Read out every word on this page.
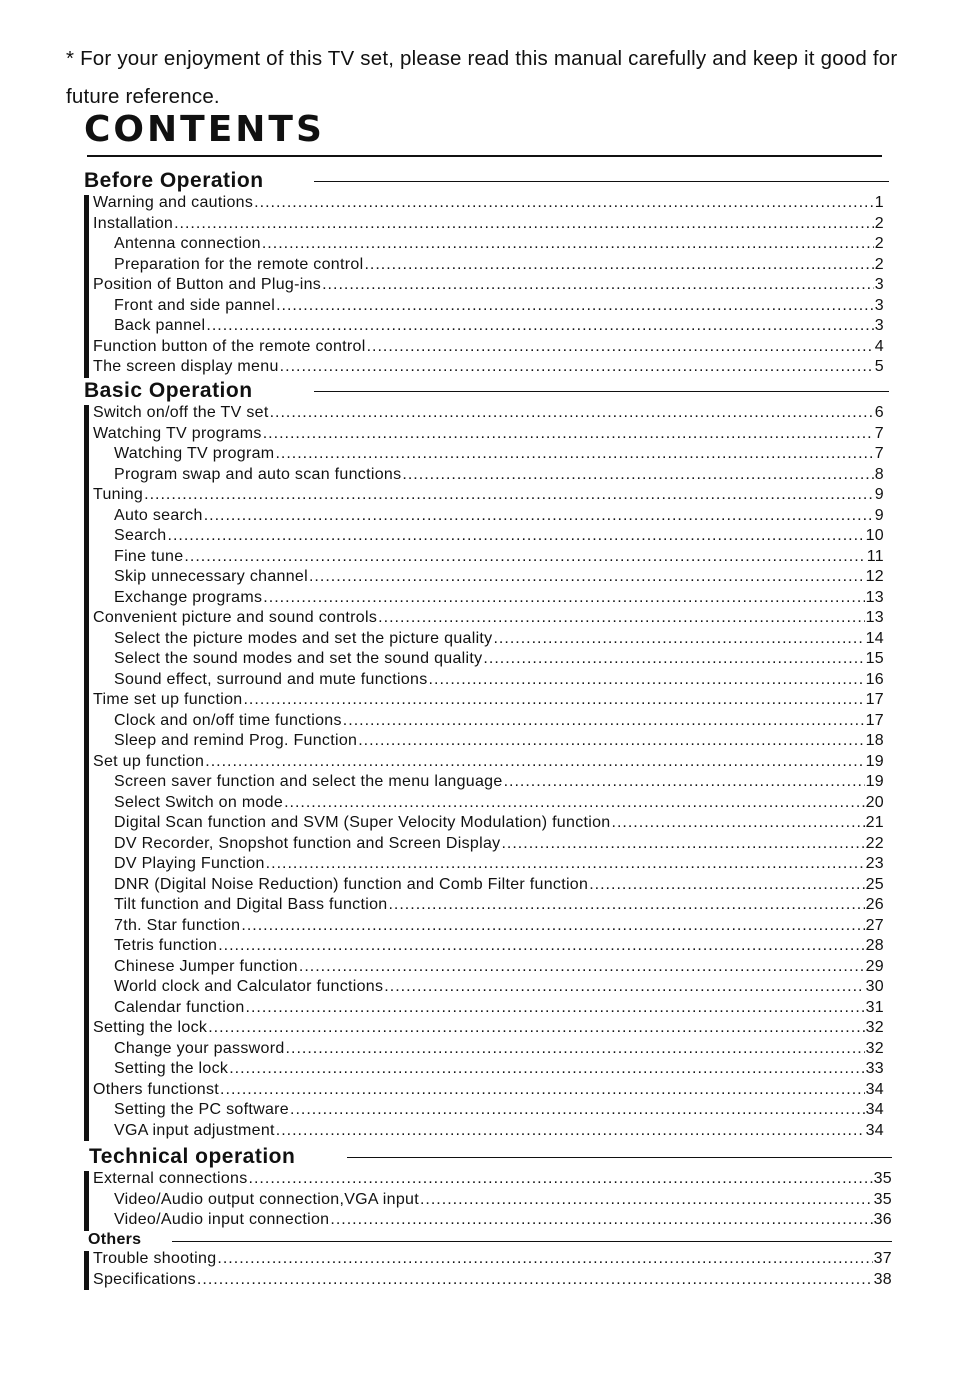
* For your enjoyment of this TV set, please read this manual carefully and keep it good for future reference.
CONTENTS
Before Operation
Warning and cautions .....	1
Installation .....	2
Antenna connection .....	2
Preparation for the remote control .....	2
Position of Button and Plug-ins .....	3
Front and side pannel .....	3
Back pannel .....	3
Function button of the remote control .....	4
The screen display menu .....	5
Basic Operation
Switch on/off the TV set .....	6
Watching TV programs .....	7
Watching TV program .....	7
Program swap and auto scan functions .....	8
Tuning .....	9
Auto search .....	9
Search .....	10
Fine tune .....	11
Skip unnecessary channel .....	12
Exchange programs .....	13
Convenient picture and sound controls .....	13
Select the picture modes and set the picture quality .....	14
Select the sound modes and set the sound quality .....	15
Sound effect, surround and mute functions .....	16
Time set up function .....	17
Clock and on/off time functions .....	17
Sleep and remind Prog. Function .....	18
Set up function .....	19
Screen saver function and select the menu language .....	19
Select Switch on mode .....	20
Digital Scan function and SVM (Super Velocity Modulation) function .....	21
DV Recorder, Snopshot function and Screen Display .....	22
DV Playing Function .....	23
DNR (Digital Noise Reduction) function and Comb Filter function .....	25
Tilt function and Digital Bass function .....	26
7th. Star function .....	27
Tetris function .....	28
Chinese Jumper function .....	29
World clock and Calculator functions .....	30
Calendar function .....	31
Setting the lock .....	32
Change your password .....	32
Setting the lock .....	33
Others functionst .....	34
Setting the PC software .....	34
VGA input adjustment .....	34
Technical operation
External connections .....	35
Video/Audio output connection,VGA input .....	35
Video/Audio input connection .....	36
Others
Trouble shooting .....	37
Specifications .....	38
